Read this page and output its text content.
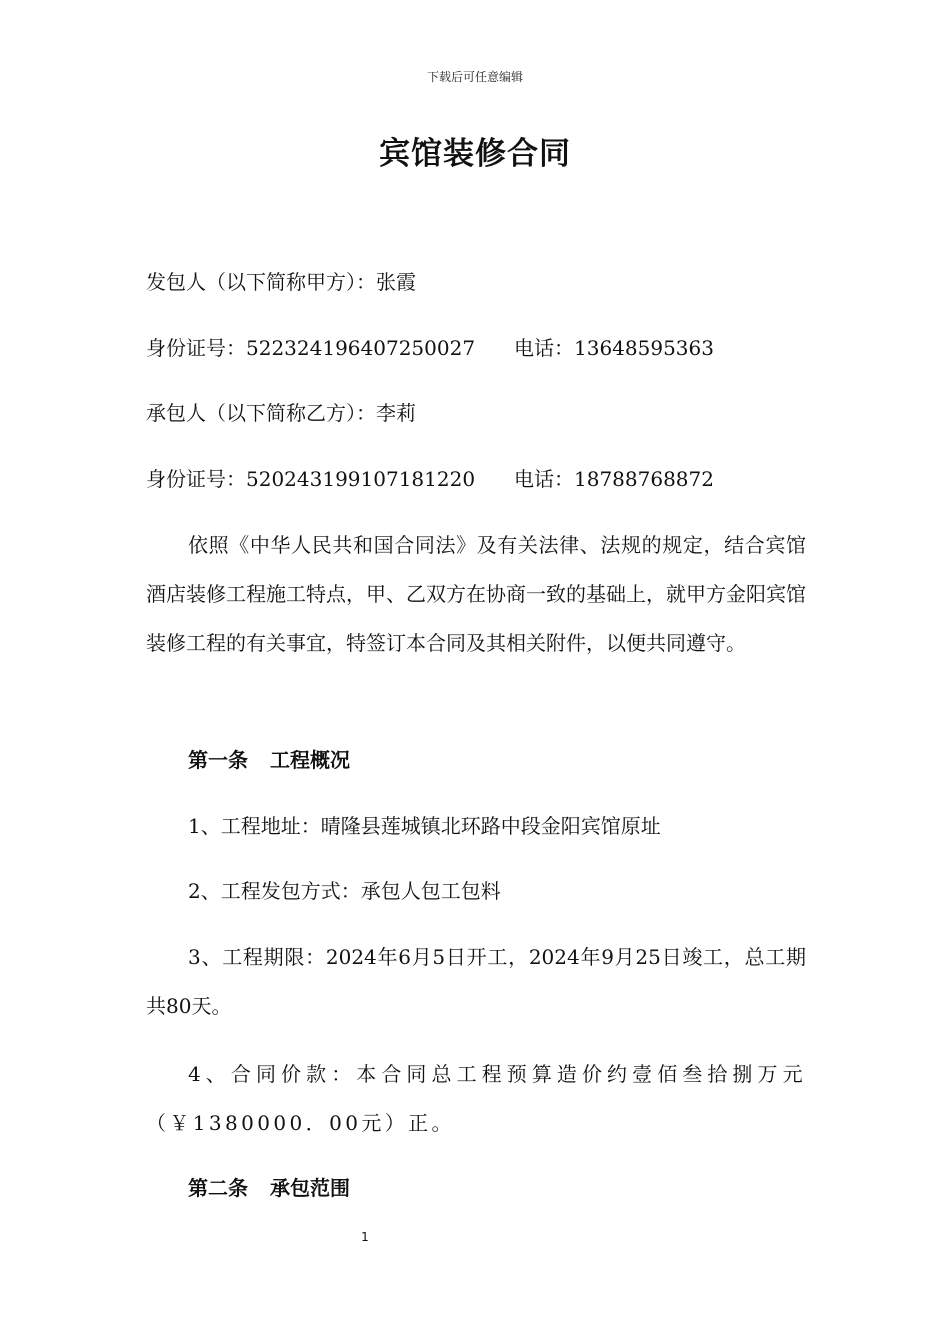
下载后可任意编辑
宾馆装修合同
发包人（以下简称甲方）：张霞
身份证号：522324196407250027 电话：13648595363
承包人（以下简称乙方）：李莉
身份证号：520243199107181220 电话：18788768872
依照《中华人民共和国合同法》及有关法律、法规的规定，结合宾馆酒店装修工程施工特点，甲、乙双方在协商一致的基础上，就甲方金阳宾馆装修工程的有关事宜，特签订本合同及其相关附件，以便共同遵守。
第一条 工程概况
1、工程地址：晴隆县莲城镇北环路中段金阳宾馆原址
2、工程发包方式：承包人包工包料
3、工程期限：2024年6月5日开工，2024年9月25日竣工，总工期共80天。
4、合同价款：本合同总工程预算造价约壹佰叁拾捌万元（￥1380000．00元）正。
第二条 承包范围
1
